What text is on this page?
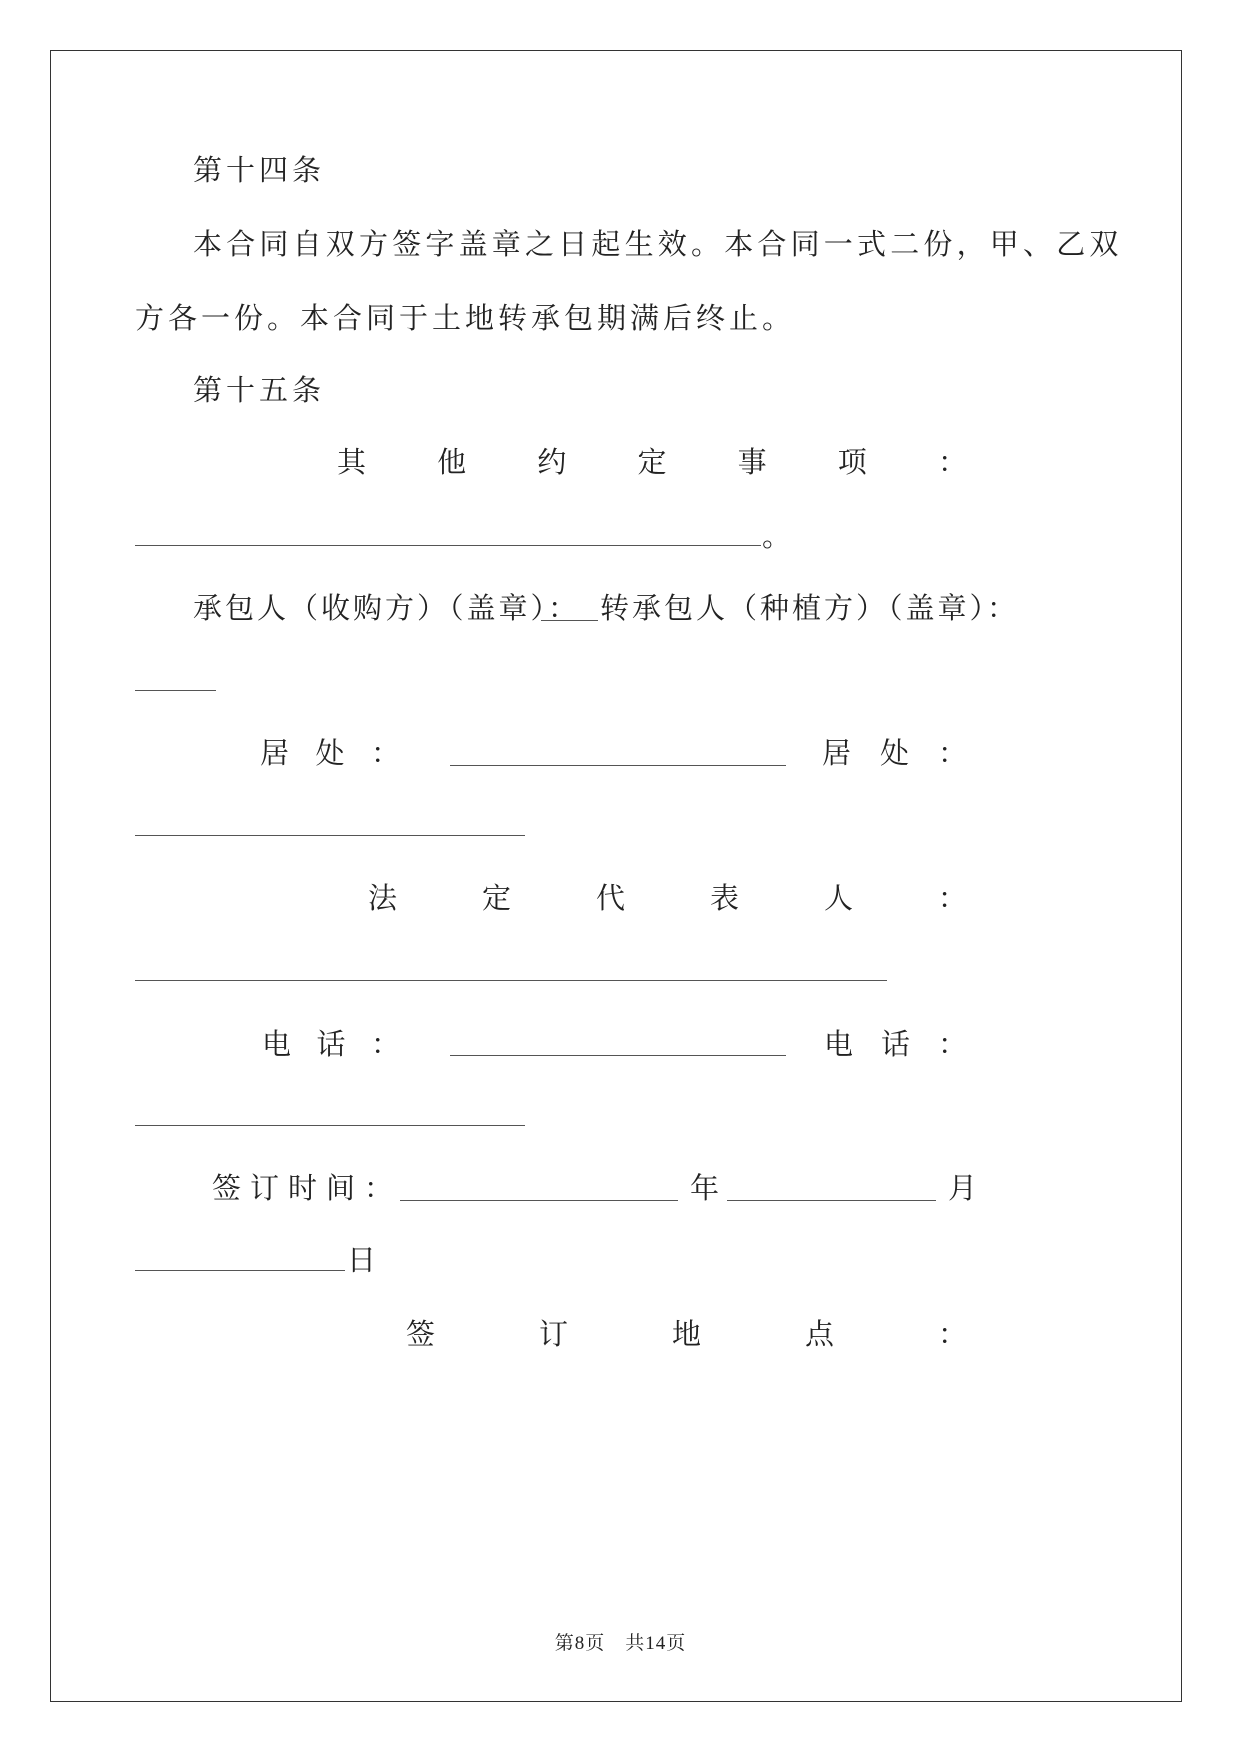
第十四条
本合同自双方签字盖章之日起生效。本合同一式二份，甲、乙双
方各一份。本合同于土地转承包期满后终止。
第十五条
其 他 约 定 事 项 ：
。
承包人（收购方）（盖章）： 转承包人（种植方）（盖章）：
居 处 ：	居 处 ：
法	定	代	表	人	：
电 话 ：	电 话 ：
签订时间：	年	月
日
签	订	地	点	：
第8页　共14页
